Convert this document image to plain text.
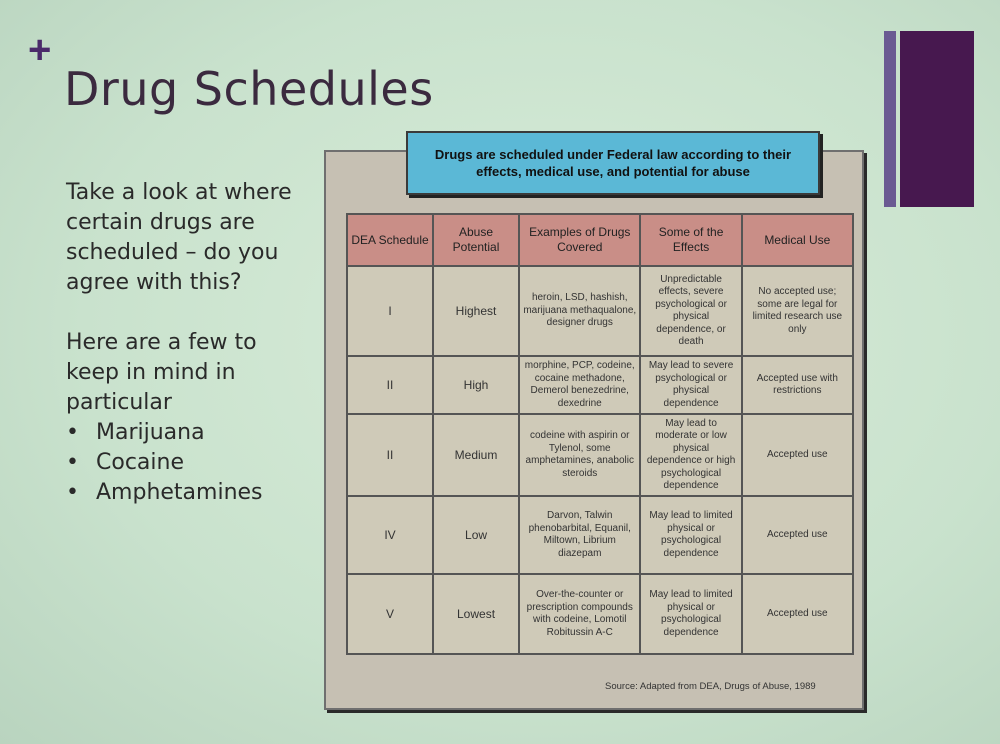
+
Drug Schedules

Take a look at where certain drugs are scheduled – do you agree with this?

Here are a few to keep in mind in particular
• Marijuana
• Cocaine
• Amphetamines
Drugs are scheduled under Federal law according to their effects, medical use, and potential for abuse
DEA Schedule	Abuse Potential	Examples of Drugs Covered	Some of the Effects	Medical Use
I	Highest	heroin, LSD, hashish, marijuana methaqualone, designer drugs	Unpredictable effects, severe psychological or physical dependence, or death	No accepted use; some are legal for limited research use only
II	High	morphine, PCP, codeine, cocaine methadone, Demerol benezedrine, dexedrine	May lead to severe psychological or physical dependence	Accepted use with restrictions
II	Medium	codeine with aspirin or Tylenol, some amphetamines, anabolic steroids	May lead to moderate or low physical dependence or high psychological dependence	Accepted use
IV	Low	Darvon, Talwin phenobarbital, Equanil, Miltown, Librium diazepam	May lead to limited physical or psychological dependence	Accepted use
V	Lowest	Over-the-counter or prescription compounds with codeine, Lomotil Robitussin A-C	May lead to limited physical or psychological dependence	Accepted use
Source: Adapted from DEA, Drugs of Abuse, 1989
